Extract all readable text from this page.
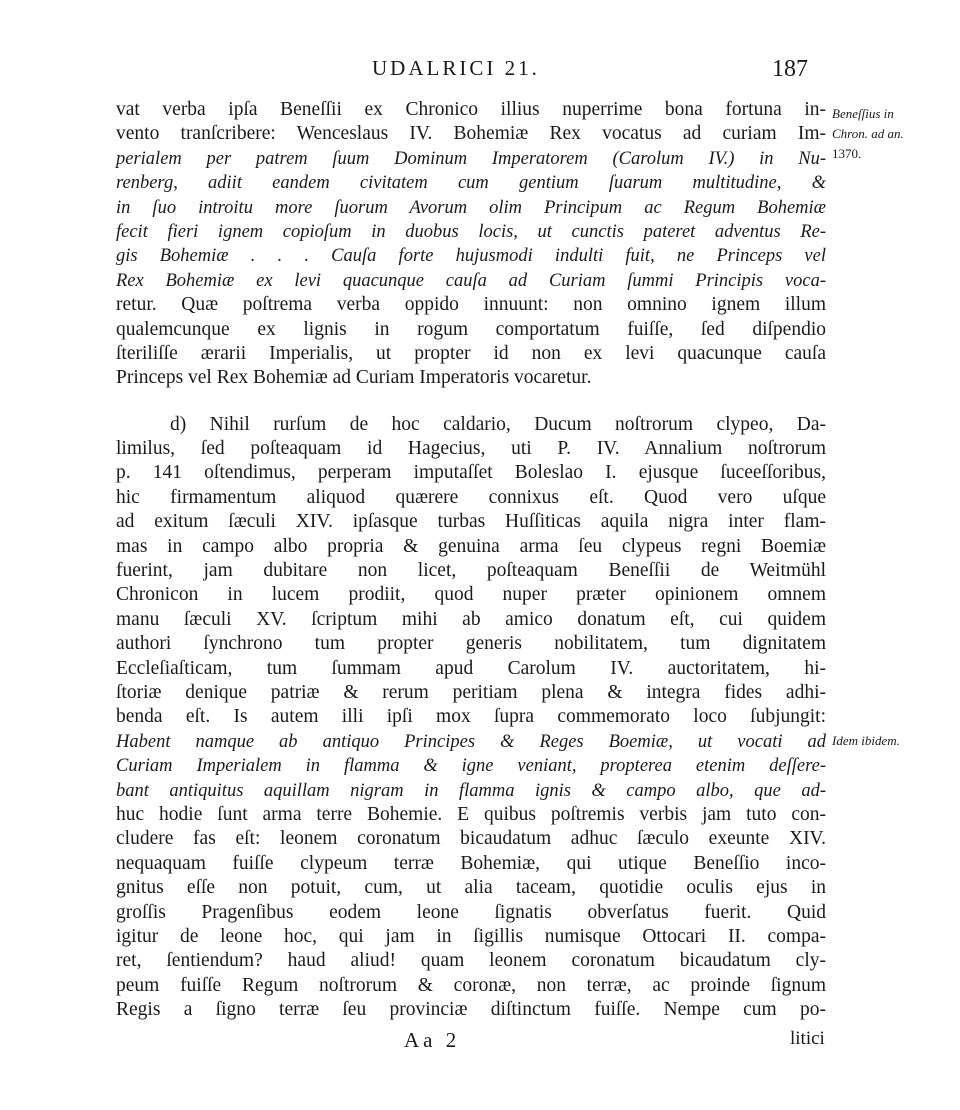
UDALRICI 21.	187
vat verba ipſa Beneſſii ex Chronico illius nuperrime bona fortuna in-
vento tranſcribere: Wenceslaus IV. Bohemiæ Rex vocatus ad curiam Im-
perialem per patrem ſuum Dominum Imperatorem (Carolum IV.) in Nu-
renberg, adiit eandem civitatem cum gentium ſuarum multitudine, &
in ſuo introitu more ſuorum Avorum olim Principum ac Regum Bohemiæ
fecit fieri ignem copioſum in duobus locis, ut cunctis pateret adventus Re-
gis Bohemiæ . . . Cauſa forte hujusmodi indulti fuit, ne Princeps vel
Rex Bohemiæ ex levi quacunque cauſa ad Curiam ſummi Principis voca-
retur. Quæ poſtrema verba oppido innuunt: non omnino ignem illum
qualemcunque ex lignis in rogum comportatum fuiſſe, ſed diſpendio
ſteriliſſe ærarii Imperialis, ut propter id non ex levi quacunque cauſa
Princeps vel Rex Bohemiæ ad Curiam Imperatoris vocaretur.
d) Nihil rurſum de hoc caldario, Ducum noſtrorum clypeo, Da-
limilus, ſed poſteaquam id Hagecius, uti P. IV. Annalium noſtrorum
p. 141 oſtendimus, perperam imputaſſet Boleslao I. ejusque ſuceeſſoribus,
hic firmamentum aliquod quærere connixus eſt. Quod vero uſque
ad exitum ſæculi XIV. ipſasque turbas Huſſiticas aquila nigra inter flam-
mas in campo albo propria & genuina arma ſeu clypeus regni Boemiæ
fuerint, jam dubitare non licet, poſteaquam Beneſſii de Weitmühl
Chronicon in lucem prodiit, quod nuper præter opinionem omnem
manu ſæculi XV. ſcriptum mihi ab amico donatum eſt, cui quidem
authori ſynchrono tum propter generis nobilitatem, tum dignitatem
Eccleſiaſticam, tum ſummam apud Carolum IV. auctoritatem, hi-
ſtoriæ denique patriæ & rerum peritiam plena & integra fides adhi-
benda eſt. Is autem illi ipſi mox ſupra commemorato loco ſubjungit:
Habent namque ab antiquo Principes & Reges Boemiæ, ut vocati ad
Curiam Imperialem in flamma & igne veniant, propterea etenim deſſere-
bant antiquitus aquillam nigram in flamma ignis & campo albo, que ad-
huc hodie ſunt arma terre Bohemie. E quibus poſtremis verbis jam tuto con-
cludere fas eſt: leonem coronatum bicaudatum adhuc ſæculo exeunte XIV.
nequaquam fuiſſe clypeum terræ Bohemiæ, qui utique Beneſſio inco-
gnitus eſſe non potuit, cum, ut alia taceam, quotidie oculis ejus in
groſſis Pragenſibus eodem leone ſignatis obverſatus fuerit. Quid
igitur de leone hoc, qui jam in ſigillis numisque Ottocari II. compa-
ret, ſentiendum? haud aliud! quam leonem coronatum bicaudatum cly-
peum fuiſſe Regum noſtrorum & coronæ, non terræ, ac proinde ſignum
Regis a ſigno terræ ſeu provinciæ diſtinctum fuiſſe. Nempe cum po-
Beneſſius in
Chron. ad an.
1370.
Idem ibidem.
Aa 2	litici
